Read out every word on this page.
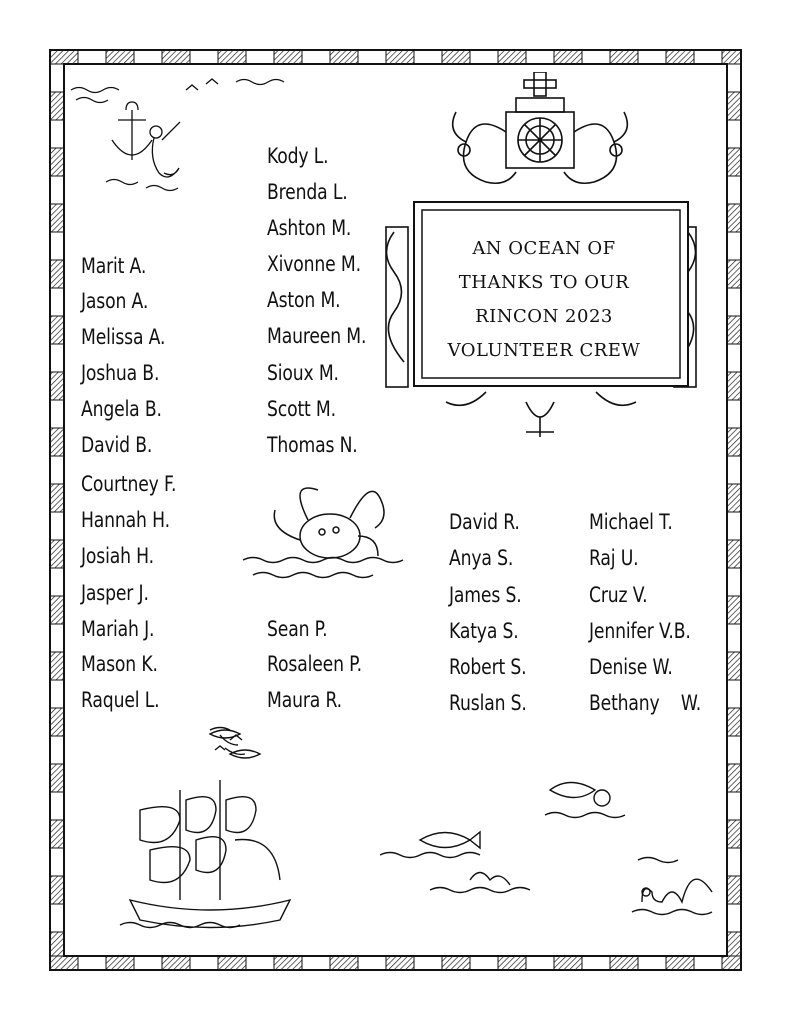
AN OCEAN OF
THANKS TO OUR
RINCON 2023
VOLUNTEER CREW
Marit A.
Jason A.
Melissa A.
Joshua B.
Angela B.
David B.
Courtney F.
Hannah H.
Josiah H.
Jasper J.
Mariah J.
Mason K.
Raquel L.
Kody L.
Brenda L.
Ashton M.
Xivonne M.
Aston M.
Maureen M.
Sioux M.
Scott M.
Thomas N.
Sean P.
Rosaleen P.
Maura R.
David R.
Anya S.
James S.
Katya S.
Robert S.
Ruslan S.
Michael T.
Raj U.
Cruz V.
Jennifer V.B.
Denise W.
Bethany    W.
